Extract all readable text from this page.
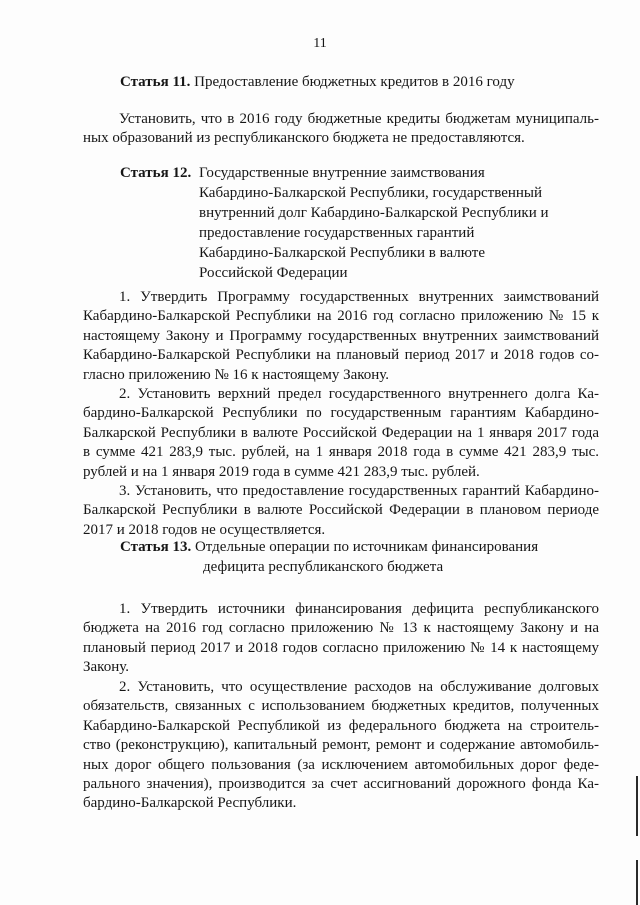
11
Статья 11. Предоставление бюджетных кредитов в 2016 году
Установить, что в 2016 году бюджетные кредиты бюджетам муниципаль-
ных образований из республиканского бюджета не предоставляются.
Статья 12. Государственные внутренние заимствования
Кабардино-Балкарской Республики, государственный
внутренний долг Кабардино-Балкарской Республики и
предоставление государственных гарантий
Кабардино-Балкарской Республики в валюте
Российской Федерации
1. Утвердить Программу государственных внутренних заимствований
Кабардино-Балкарской Республики на 2016 год согласно приложению № 15 к
настоящему Закону и Программу государственных внутренних заимствований
Кабардино-Балкарской Республики на плановый период 2017 и 2018 годов со-
гласно приложению № 16 к настоящему Закону.
2. Установить верхний предел государственного внутреннего долга Ка-
бардино-Балкарской Республики по государственным гарантиям Кабардино-
Балкарской Республики в валюте Российской Федерации на 1 января 2017 года
в сумме 421 283,9 тыс. рублей, на 1 января 2018 года в сумме 421 283,9 тыс.
рублей и на 1 января 2019 года в сумме 421 283,9 тыс. рублей.
3. Установить, что предоставление государственных гарантий Кабардино-
Балкарской Республики в валюте Российской Федерации в плановом периоде
2017 и 2018 годов не осуществляется.
Статья 13. Отдельные операции по источникам финансирования
дефицита республиканского бюджета
1. Утвердить источники финансирования дефицита республиканского
бюджета на 2016 год согласно приложению № 13 к настоящему Закону и на
плановый период 2017 и 2018 годов согласно приложению № 14 к настоящему
Закону.
2. Установить, что осуществление расходов на обслуживание долговых
обязательств, связанных с использованием бюджетных кредитов, полученных
Кабардино-Балкарской Республикой из федерального бюджета на строитель-
ство (реконструкцию), капитальный ремонт, ремонт и содержание автомобиль-
ных дорог общего пользования (за исключением автомобильных дорог феде-
рального значения), производится за счет ассигнований дорожного фонда Ка-
бардино-Балкарской Республики.
